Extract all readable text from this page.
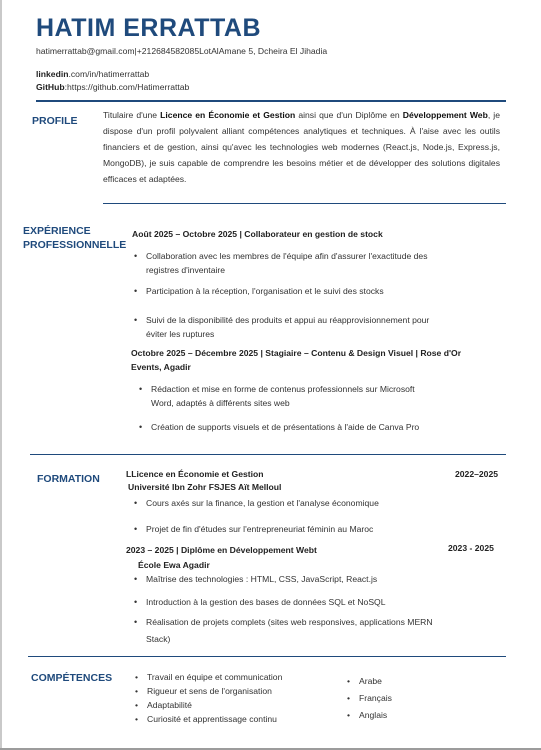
HATIM ERRATTAB
hatimerrattab@gmail.com|+212684582085LotAlAmane 5, Dcheira El Jihadia
linkedin.com/in/hatimerrattab
GitHub:https://github.com/Hatimerrattab
PROFILE	Titulaire d'une Licence en Économie et Gestion ainsi que d'un Diplôme en Développement Web, je dispose d'un profil polyvalent alliant compétences analytiques et techniques. À l'aise avec les outils financiers et de gestion, ainsi qu'avec les technologies web modernes (React.js, Node.js, Express.js, MongoDB), je suis capable de comprendre les besoins métier et de développer des solutions digitales efficaces et adaptées.
EXPÉRIENCE
PROFESSIONNELLE
Août 2025 – Octobre 2025 | Collaborateur en gestion de stock
• Collaboration avec les membres de l'équipe afin d'assurer l'exactitude des
registres d'inventaire
• Participation à la réception, l'organisation et le suivi des stocks
• Suivi de la disponibilité des produits et appui au réapprovisionnement pour
éviter les ruptures
Octobre 2025 – Décembre 2025 | Stagiaire – Contenu & Design Visuel | Rose d'Or
Events, Agadir
• Rédaction et mise en forme de contenus professionnels sur Microsoft
Word, adaptés à différents sites web
• Création de supports visuels et de présentations à l'aide de Canva Pro
FORMATION	LLicence en Économie et Gestion	2022–2025
Université Ibn Zohr FSJES Aït Melloul
• Cours axés sur la finance, la gestion et l'analyse économique
• Projet de fin d'études sur l'entrepreneuriat féminin au Maroc
2023 – 2025 | Diplôme en Développement Webt	2023 - 2025
École Ewa Agadir
• Maîtrise des technologies : HTML, CSS, JavaScript, React.js
• Introduction à la gestion des bases de données SQL et NoSQL
• Réalisation de projets complets (sites web responsives, applications MERN
Stack)
COMPÉTENCES	• Travail en équipe et communication
• Rigueur et sens de l'organisation
• Adaptabilité
• Curiosité et apprentissage continu
• Arabe
• Français
• Anglais
